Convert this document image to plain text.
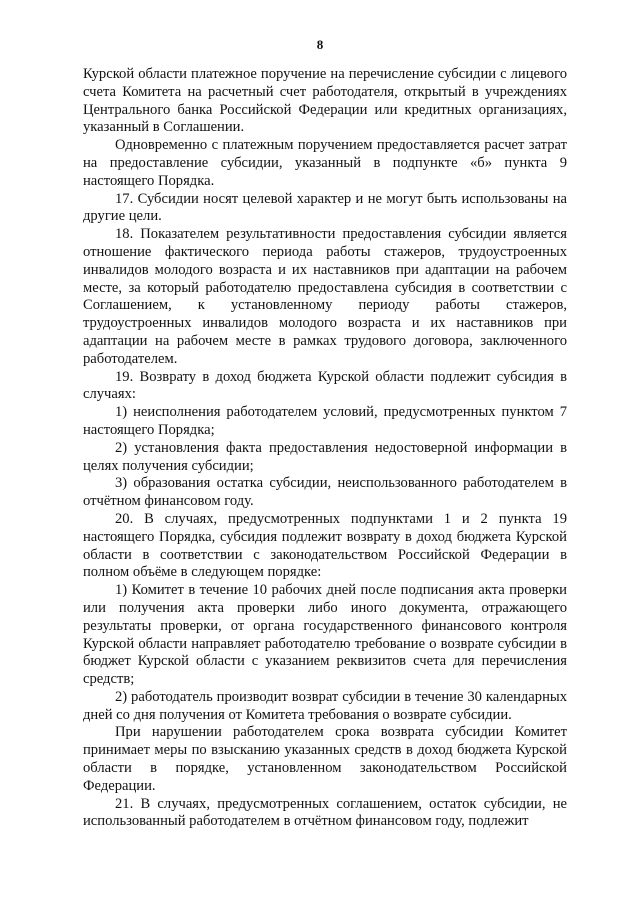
8

Курской области платежное поручение на перечисление субсидии с лицевого счета Комитета на расчетный счет работодателя, открытый в учреждениях Центрального банка Российской Федерации или кредитных организациях, указанный в Соглашении.

Одновременно с платежным поручением предоставляется расчет затрат на предоставление субсидии, указанный в подпункте «б» пункта 9 настоящего Порядка.

17. Субсидии носят целевой характер и не могут быть использованы на другие цели.

18. Показателем результативности предоставления субсидии является отношение фактического периода работы стажеров, трудоустроенных инвалидов молодого возраста и их наставников при адаптации на рабочем месте, за который работодателю предоставлена субсидия в соответствии с Соглашением, к установленному периоду работы стажеров, трудоустроенных инвалидов молодого возраста и их наставников при адаптации на рабочем месте в рамках трудового договора, заключенного работодателем.

19. Возврату в доход бюджета Курской области подлежит субсидия в случаях:

1) неисполнения работодателем условий, предусмотренных пунктом 7 настоящего Порядка;

2) установления факта предоставления недостоверной информации в целях получения субсидии;

3) образования остатка субсидии, неиспользованного работодателем в отчётном финансовом году.

20. В случаях, предусмотренных подпунктами 1 и 2 пункта 19 настоящего Порядка, субсидия подлежит возврату в доход бюджета Курской области в соответствии с законодательством Российской Федерации в полном объёме в следующем порядке:

1) Комитет в течение 10 рабочих дней после подписания акта проверки или получения акта проверки либо иного документа, отражающего результаты проверки, от органа государственного финансового контроля Курской области направляет работодателю требование о возврате субсидии в бюджет Курской области с указанием реквизитов счета для перечисления средств;

2) работодатель производит возврат субсидии в течение 30 календарных дней со дня получения от Комитета требования о возврате субсидии.

При нарушении работодателем срока возврата субсидии Комитет принимает меры по взысканию указанных средств в доход бюджета Курской области в порядке, установленном законодательством Российской Федерации.

21. В случаях, предусмотренных соглашением, остаток субсидии, не использованный работодателем в отчётном финансовом году, подлежит
